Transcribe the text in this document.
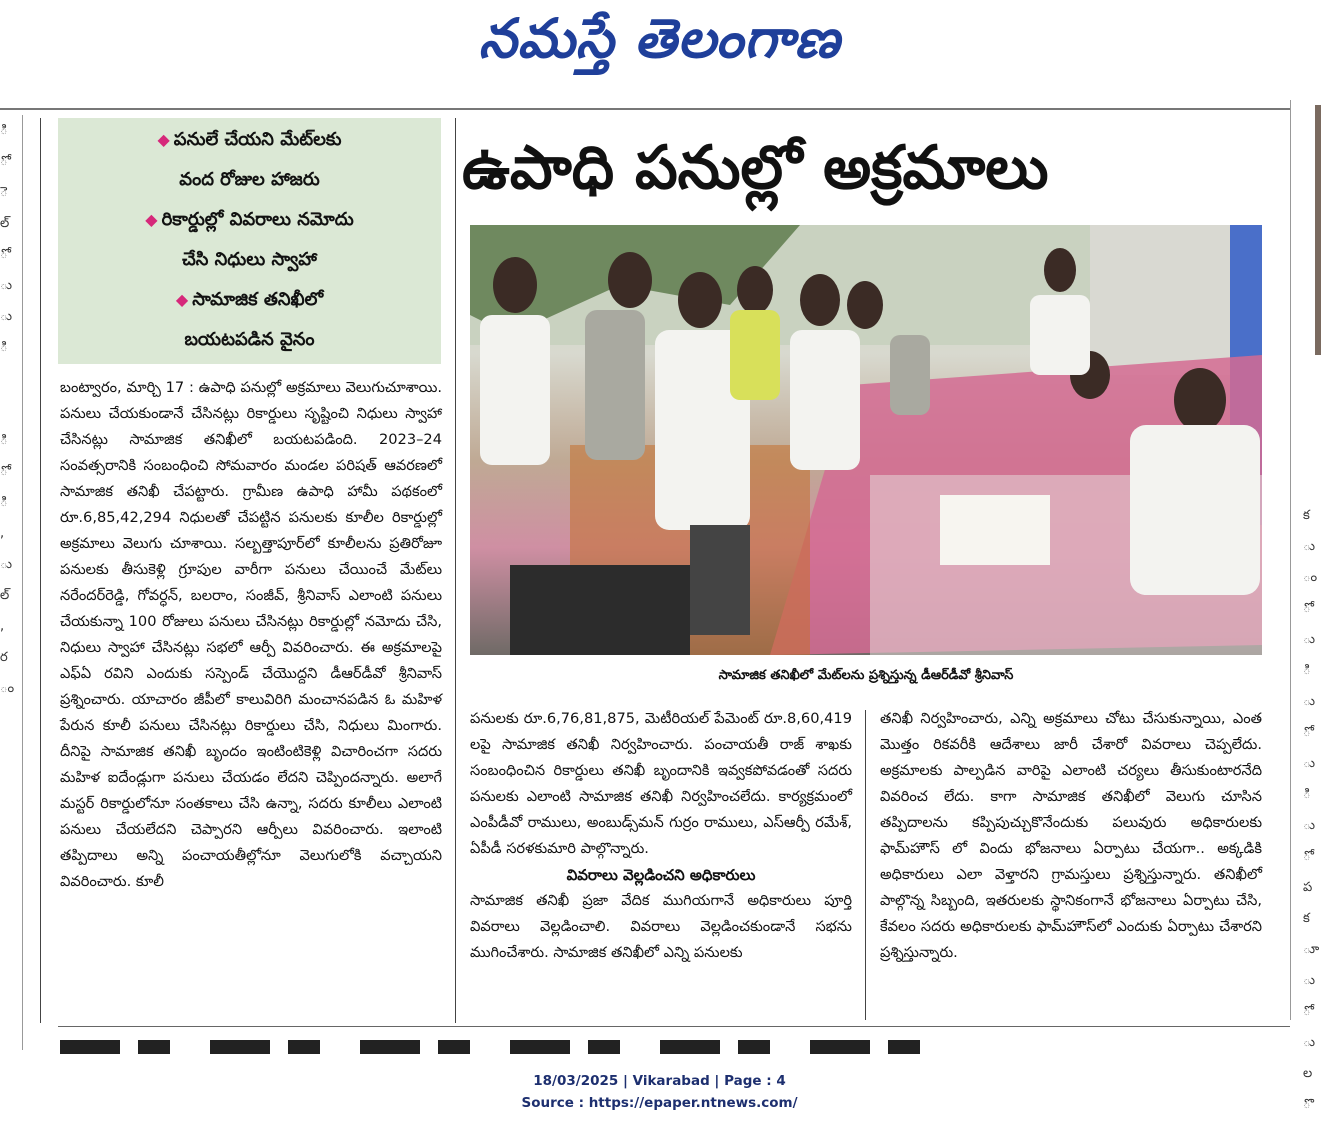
నమస్తే తెలంగాణ
ి
ో
ె
ల్
ో
ు
ు
ి

ి
ో
ి
,
ు
ల్
,
ర
ం

క
ు
ం
ో
ు
ి
ు
ో
ు
ి
ు
ో
ప
క
ూ
ు
ో
ు
ల
ొ
◆ పనులే చేయని మేట్‌లకు
వంద రోజుల హాజరు
◆ రికార్డుల్లో వివరాలు నమోదు
చేసి నిధులు స్వాహా
◆ సామాజిక తనిఖీలో
బయటపడిన వైనం
ఉపాధి పనుల్లో అక్రమాలు
సామాజిక తనిఖీలో మేట్‌లను ప్రశ్నిస్తున్న డీఆర్‌డీవో శ్రీనివాస్

బంట్వారం, మార్చి 17 : ఉపాధి పనుల్లో అక్రమాలు వెలుగుచూశాయి. పనులు చేయకుండానే చేసినట్లు రికార్డులు సృష్టించి నిధులు స్వాహా చేసినట్లు సామాజిక తనిఖీలో బయటపడింది. 2023–24 సంవత్సరానికి సంబంధించి సోమవారం మండల పరిషత్ ఆవరణలో సామాజిక తనిఖీ చేపట్టారు. గ్రామీణ ఉపాధి హామీ పథకంలో రూ.6,85,42,294 నిధులతో చేపట్టిన పనులకు కూలీల రికార్డుల్లో అక్రమాలు వెలుగు చూశాయి. సల్బత్తాపూర్‌లో కూలీలను ప్రతిరోజూ పనులకు తీసుకెళ్లి గ్రూపుల వారీగా పనులు చేయించే మేట్‌లు నరేందర్‌రెడ్డి, గోవర్ధన్, బలరాం, సంజీవ్, శ్రీనివాస్ ఎలాంటి పనులు చేయకున్నా 100 రోజులు పనులు చేసినట్లు రికార్డుల్లో నమోదు చేసి, నిధులు స్వాహా చేసినట్లు సభలో ఆర్పీ వివరించారు. ఈ అక్రమాలపై ఎఫ్ఏ రవిని ఎందుకు సస్పెండ్ చేయొద్దని డీఆర్‌డీవో శ్రీనివాస్ ప్రశ్నించారు. యాచారం జీపీలో కాలువిరిగి మంచానపడిన ఓ మహిళ పేరున కూలీ పనులు చేసినట్లు రికార్డులు చేసి, నిధులు మింగారు. దీనిపై సామాజిక తనిఖీ బృందం ఇంటింటికెళ్లి విచారించగా సదరు మహిళ ఐదేండ్లుగా పనులు చేయడం లేదని చెప్పిందన్నారు. అలాగే మస్టర్ రికార్డులోనూ సంతకాలు చేసి ఉన్నా, సదరు కూలీలు ఎలాంటి పనులు చేయలేదని చెప్పారని ఆర్పీలు వివరించారు. ఇలాంటి తప్పిదాలు అన్ని పంచాయతీల్లోనూ వెలుగులోకి వచ్చాయని వివరించారు. కూలీ

పనులకు రూ.6,76,81,875, మెటీరియల్ పేమెంట్ రూ.8,60,419 లపై సామాజిక తనిఖీ నిర్వహించారు. పంచాయతీ రాజ్ శాఖకు సంబంధించిన రికార్డులు తనిఖీ బృందానికి ఇవ్వకపోవడంతో సదరు పనులకు ఎలాంటి సామాజిక తనిఖీ నిర్వహించలేదు. కార్యక్రమంలో ఎంపీడీవో రాములు, అంబుడ్స్‌మన్ గుర్రం రాములు, ఎస్ఆర్పీ రమేశ్, ఏపీడీ సరళకుమారి పాల్గొన్నారు.

వివరాలు వెల్లడించని అధికారులు

సామాజిక తనిఖీ ప్రజా వేదిక ముగియగానే అధికారులు పూర్తి వివరాలు వెల్లడించాలి. వివరాలు వెల్లడించకుండానే సభను ముగించేశారు. సామాజిక తనిఖీలో ఎన్ని పనులకు

తనిఖీ నిర్వహించారు, ఎన్ని అక్రమాలు చోటు చేసుకున్నాయి, ఎంత మొత్తం రికవరీకి ఆదేశాలు జారీ చేశారో వివరాలు చెప్పలేదు. అక్రమాలకు పాల్పడిన వారిపై ఎలాంటి చర్యలు తీసుకుంటారనేది వివరించ లేదు. కాగా సామాజిక తనిఖీలో వెలుగు చూసిన తప్పిదాలను కప్పిపుచ్చుకొనేందుకు పలువురు అధికారులకు ఫామ్‌హౌస్ లో విందు భోజనాలు ఏర్పాటు చేయగా.. అక్కడికి అధికారులు ఎలా వెళ్తారని గ్రామస్తులు ప్రశ్నిస్తున్నారు. తనిఖీలో పాల్గొన్న సిబ్బంది, ఇతరులకు స్థానికంగానే భోజనాలు ఏర్పాటు చేసి, కేవలం సదరు అధికారులకు ఫామ్‌హౌస్‌లో ఎందుకు ఏర్పాటు చేశారని ప్రశ్నిస్తున్నారు.

18/03/2025 | Vikarabad | Page : 4
Source : https://epaper.ntnews.com/
